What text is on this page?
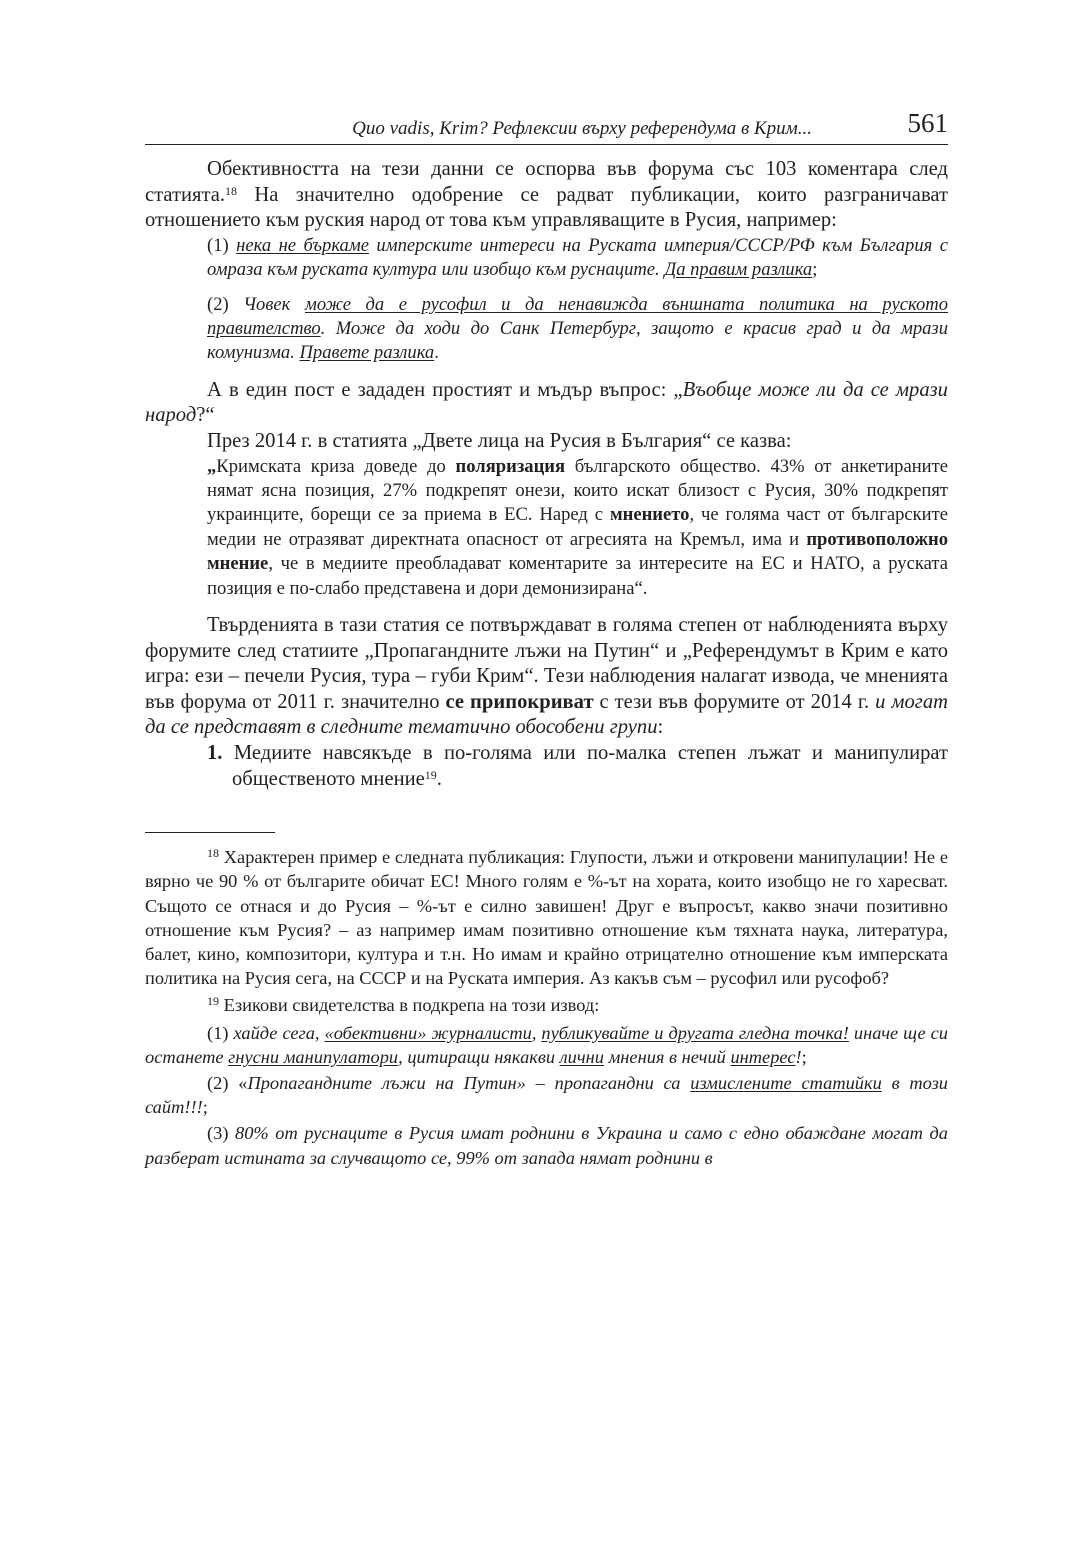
Quo vadis, Krim? Рефлексии върху референдума в Крим...	561

Обективността на тези данни се оспорва във форума със 103 коментара след статията.$^{18}$ На значително одобрение се радват публикации, които разграничават отношението към руския народ от това към управляващите в Русия, например:

(1) нека не бъркаме имперските интереси на Руската империя/СССР/РФ към България с омраза към руската култура или изобщо към руснаците. Да правим разлика;

(2) Човек може да е русофил и да ненавижда външната политика на руското правителство. Може да ходи до Санк Петербург, защото е красив град и да мрази комунизма. Правете разлика.

А в един пост е зададен простият и мъдър въпрос: „Въобще може ли да се мрази народ?“

През 2014 г. в статията „Двете лица на Русия в България“ се казва:

„Кримската криза доведе до поляризация българското общество. 43% от анкетираните нямат ясна позиция, 27% подкрепят онези, които искат близост с Русия, 30% подкрепят украинците, борещи се за приема в ЕС. Наред с мнението, че голяма част от българските медии не отразяват директната опасност от агресията на Кремъл, има и противоположно мнение, че в медиите преобладават коментарите за интересите на ЕС и НАТО, а руската позиция е по-слабо представена и дори демонизирана“.

Твърденията в тази статия се потвърждават в голяма степен от наблюденията върху форумите след статиите „Пропагандните лъжи на Путин“ и „Референдумът в Крим е като игра: ези – печели Русия, тура – губи Крим“. Тези наблюдения налагат извода, че мненията във форума от 2011 г. значително се припокриват с тези във форумите от 2014 г. и могат да се представят в следните тематично обособени групи:

1. Медиите навсякъде в по-голяма или по-малка степен лъжат и манипулират общественото мнение$^{19}$.

$^{18}$ Характерен пример е следната публикация: Глупости, лъжи и откровени манипулации! Не е вярно че 90 % от българите обичат ЕС! Много голям е %-ът на хората, които изобщо не го харесват. Същото се отнася и до Русия – %-ът е силно завишен! Друг е въпросът, какво значи позитивно отношение към Русия? – аз например имам позитивно отношение към тяхната наука, литература, балет, кино, композитори, култура и т.н. Но имам и крайно отрицателно отношение към имперската политика на Русия сега, на СССР и на Руската империя. Аз какъв съм – русофил или русофоб?

$^{19}$ Езикови свидетелства в подкрепа на този извод:

(1) хайде сега, «обективни» журналисти, публикувайте и другата гледна точка! иначе ще си останете гнусни манипулатори, цитиращи някакви лични мнения в нечий интерес!;

(2) «Пропагандните лъжи на Путин» – пропагандни са измислените статийки в този сайт!!!;

(3) 80% от руснаците в Русия имат роднини в Украина и само с едно обаждане могат да разберат истината за случващото се, 99% от запада нямат роднини в
